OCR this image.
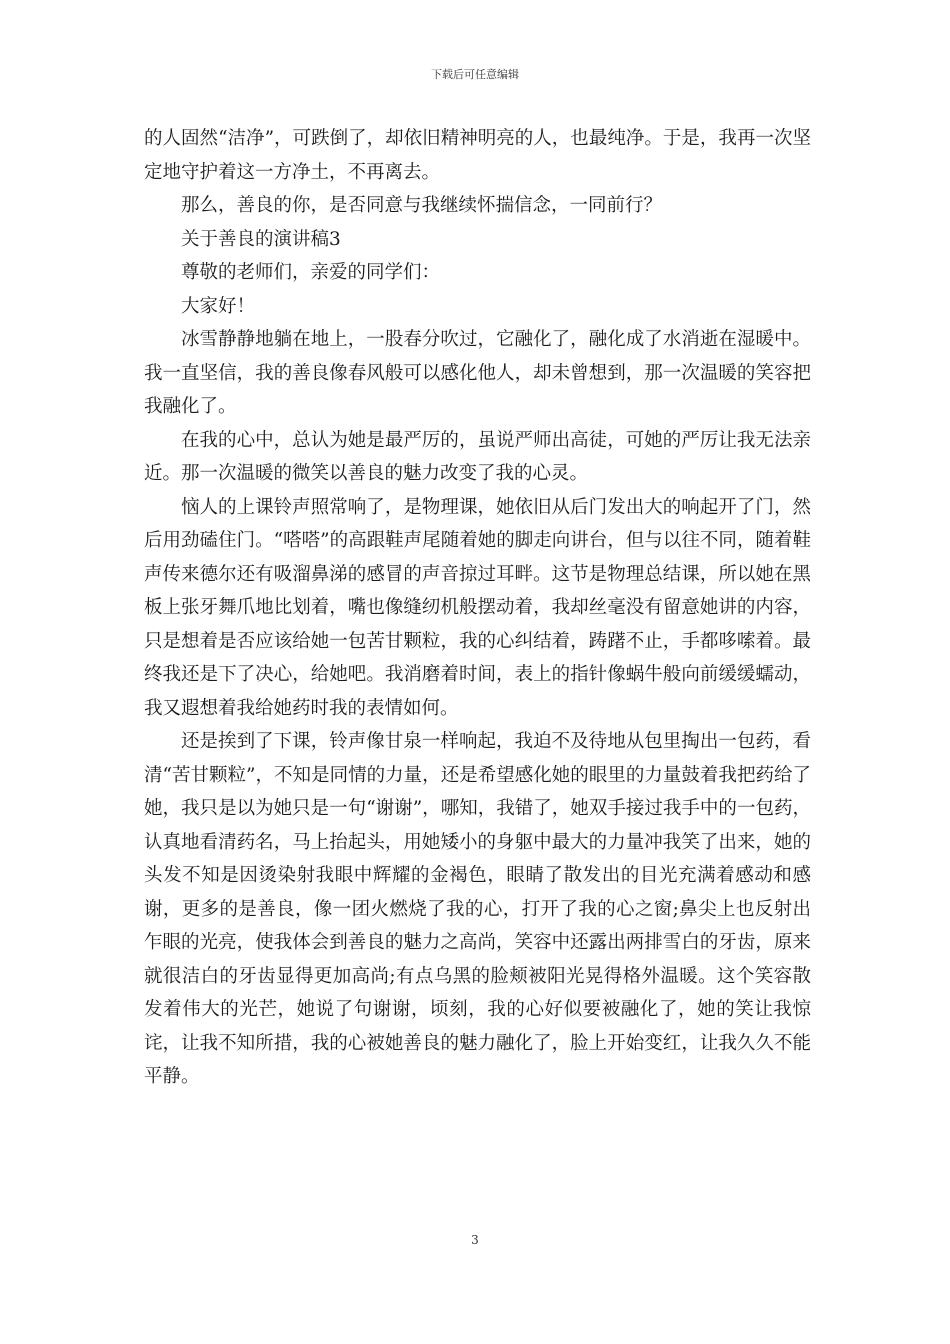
下载后可任意编辑

的人固然“洁净”，可跌倒了，却依旧精神明亮的人，也最纯净。于是，我再一次坚定地守护着这一方净土，不再离去。

那么，善良的你，是否同意与我继续怀揣信念，一同前行？

关于善良的演讲稿3

尊敬的老师们，亲爱的同学们：

大家好！

冰雪静静地躺在地上，一股春分吹过，它融化了，融化成了水消逝在湿暖中。我一直坚信，我的善良像春风般可以感化他人，却未曾想到，那一次温暖的笑容把我融化了。

在我的心中，总认为她是最严厉的，虽说严师出高徒，可她的严厉让我无法亲近。那一次温暖的微笑以善良的魅力改变了我的心灵。

恼人的上课铃声照常响了，是物理课，她依旧从后门发出大的响起开了门，然后用劲磕住门。“嗒嗒”的高跟鞋声尾随着她的脚走向讲台，但与以往不同，随着鞋声传来德尔还有吸溜鼻涕的感冒的声音掠过耳畔。这节是物理总结课，所以她在黑板上张牙舞爪地比划着，嘴也像缝纫机般摆动着，我却丝毫没有留意她讲的内容，只是想着是否应该给她一包苦甘颗粒，我的心纠结着，踌躇不止，手都哆嗦着。最终我还是下了决心，给她吧。我消磨着时间，表上的指针像蜗牛般向前缓缓蠕动，我又遐想着我给她药时我的表情如何。

还是挨到了下课，铃声像甘泉一样响起，我迫不及待地从包里掏出一包药，看清“苦甘颗粒”，不知是同情的力量，还是希望感化她的眼里的力量鼓着我把药给了她，我只是以为她只是一句“谢谢”，哪知，我错了，她双手接过我手中的一包药，认真地看清药名，马上抬起头，用她矮小的身躯中最大的力量冲我笑了出来，她的头发不知是因烫染射我眼中辉耀的金褐色，眼睛了散发出的目光充满着感动和感谢，更多的是善良，像一团火燃烧了我的心，打开了我的心之窗;鼻尖上也反射出乍眼的光亮，使我体会到善良的魅力之高尚，笑容中还露出两排雪白的牙齿，原来就很洁白的牙齿显得更加高尚;有点乌黑的脸颊被阳光晃得格外温暖。这个笑容散发着伟大的光芒，她说了句谢谢，顷刻，我的心好似要被融化了，她的笑让我惊诧，让我不知所措，我的心被她善良的魅力融化了，脸上开始变红，让我久久不能平静。

3
